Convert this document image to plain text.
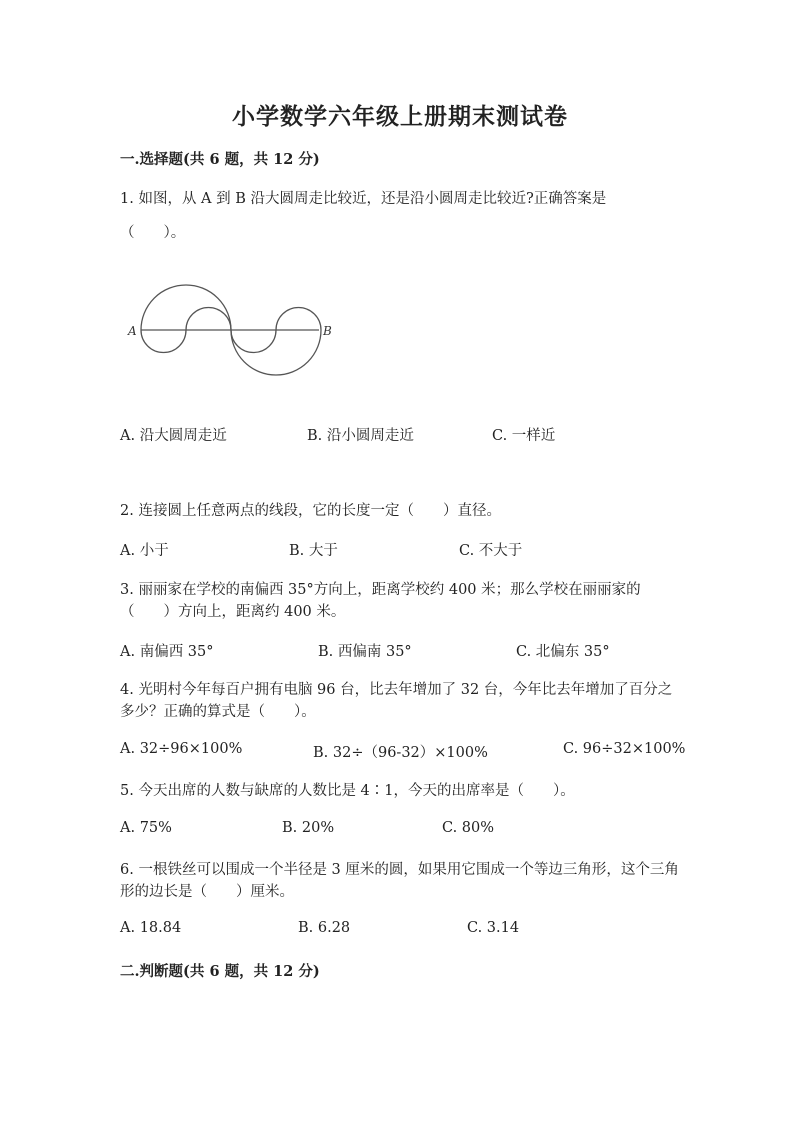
小学数学六年级上册期末测试卷
一.选择题(共 6 题，共 12 分)
1. 如图，从 A 到 B 沿大圆周走比较近，还是沿小圆周走比较近?正确答案是
（　　）。
A	B
A. 沿大圆周走近	B. 沿小圆周走近	C. 一样近
2. 连接圆上任意两点的线段，它的长度一定（　　）直径。
A. 小于	B. 大于	C. 不大于
3. 丽丽家在学校的南偏西 35°方向上，距离学校约 400 米；那么学校在丽丽家的（　　）方向上，距离约 400 米。
A. 南偏西 35°	B. 西偏南 35°	C. 北偏东 35°
4. 光明村今年每百户拥有电脑 96 台，比去年增加了 32 台，今年比去年增加了百分之多少？正确的算式是（　　）。
A. 32÷96×100%	B. 32÷（96-32）×100%	C. 96÷32×100%
5. 今天出席的人数与缺席的人数比是 4∶1，今天的出席率是（　　）。
A. 75%	B. 20%	C. 80%
6. 一根铁丝可以围成一个半径是 3 厘米的圆，如果用它围成一个等边三角形，这个三角形的边长是（　　）厘米。
A. 18.84	B. 6.28	C. 3.14
二.判断题(共 6 题，共 12 分)
